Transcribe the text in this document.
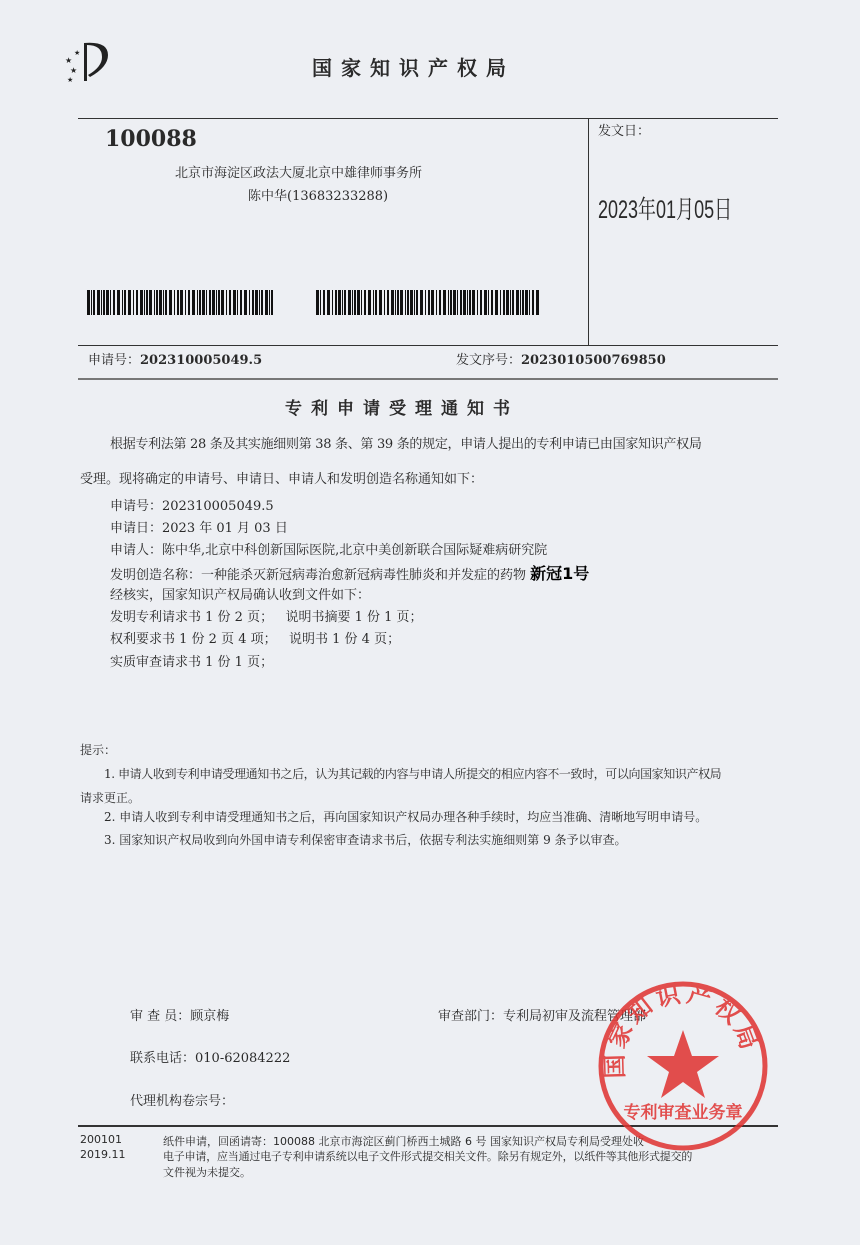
★
★
★
★	国家知识产权局
100088
北京市海淀区政法大厦北京中雄律师事务所
陈中华(13683233288)
发文日：
2023年01月05日
申请号：202310005049.5	发文序号：2023010500769850
专利申请受理通知书
根据专利法第 28 条及其实施细则第 38 条、第 39 条的规定，申请人提出的专利申请已由国家知识产权局
受理。现将确定的申请号、申请日、申请人和发明创造名称通知如下：
申请号：202310005049.5
申请日：2023 年 01 月 03 日
申请人：陈中华,北京中科创新国际医院,北京中美创新联合国际疑难病研究院
发明创造名称：一种能杀灭新冠病毒治愈新冠病毒性肺炎和并发症的药物 新冠1号
经核实，国家知识产权局确认收到文件如下：
发明专利请求书 1 份 2 页；   说明书摘要 1 份 1 页；
权利要求书 1 份 2 页 4 项；   说明书 1 份 4 页；
实质审查请求书 1 份 1 页；
提示：
1. 申请人收到专利申请受理通知书之后，认为其记载的内容与申请人所提交的相应内容不一致时，可以向国家知识产权局
请求更正。
2. 申请人收到专利申请受理通知书之后，再向国家知识产权局办理各种手续时，均应当准确、清晰地写明申请号。
3. 国家知识产权局收到向外国申请专利保密审查请求书后，依据专利法实施细则第 9 条予以审查。
审 查 员：顾京梅	审查部门：专利局初审及流程管理部
联系电话：010-62084222
代理机构卷宗号：
200101
2019.11
纸件申请，回函请寄：100088 北京市海淀区蓟门桥西土城路 6 号 国家知识产权局专利局受理处收
电子申请，应当通过电子专利申请系统以电子文件形式提交相关文件。除另有规定外，以纸件等其他形式提交的
文件视为未提交。
国家知识产权局
专利审查业务章
